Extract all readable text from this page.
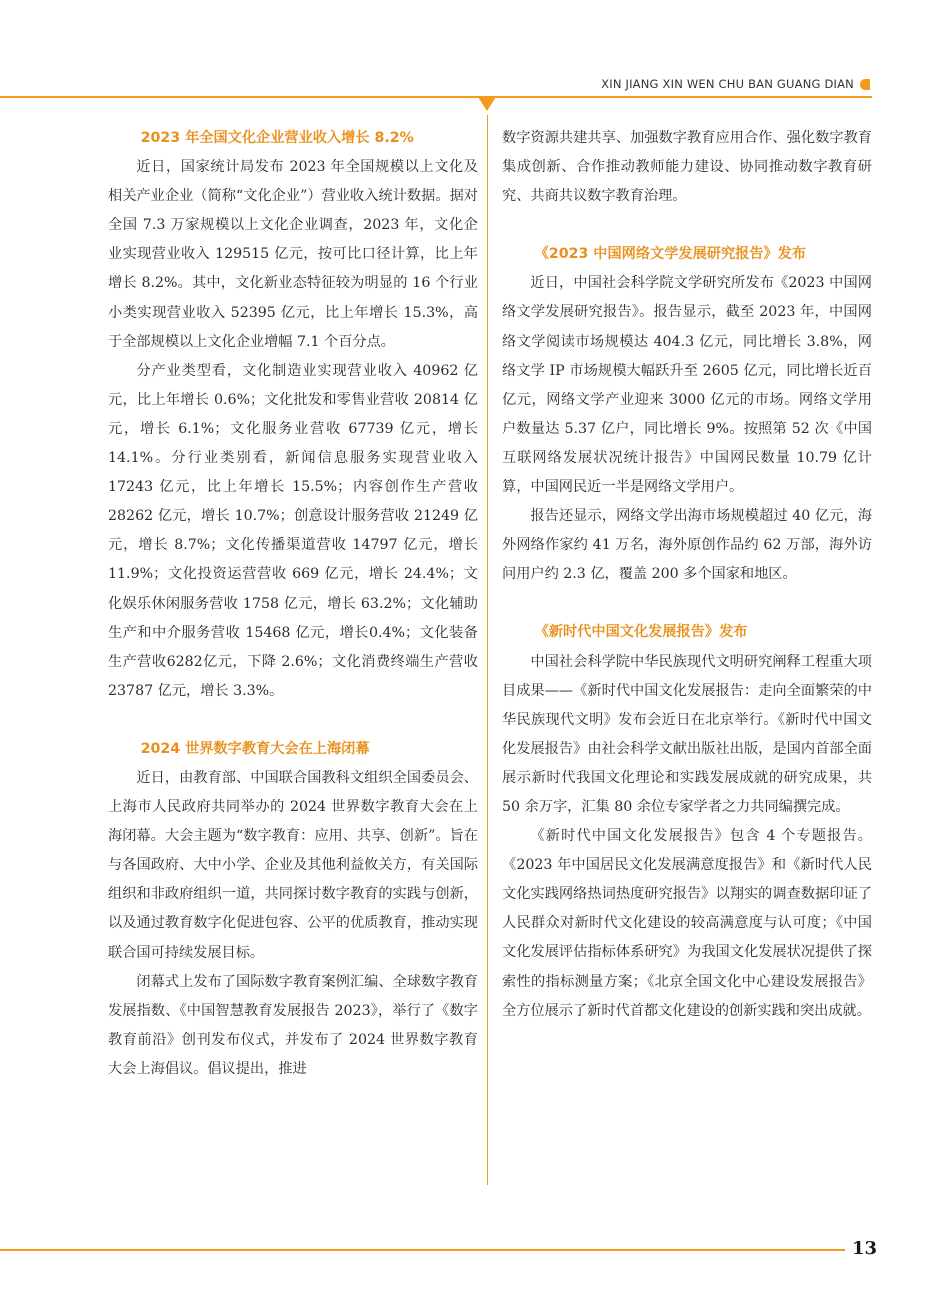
XIN JIANG XIN WEN CHU BAN GUANG DIAN
2023 年全国文化企业营业收入增长 8.2%

近日，国家统计局发布 2023 年全国规模以上文化及相关产业企业（简称“文化企业”）营业收入统计数据。据对全国 7.3 万家规模以上文化企业调查，2023 年，文化企业实现营业收入 129515 亿元，按可比口径计算，比上年增长 8.2%。其中，文化新业态特征较为明显的 16 个行业小类实现营业收入 52395 亿元，比上年增长 15.3%，高于全部规模以上文化企业增幅 7.1 个百分点。

分产业类型看，文化制造业实现营业收入 40962 亿元，比上年增长 0.6%；文化批发和零售业营收 20814 亿元，增长 6.1%；文化服务业营收 67739 亿元，增长 14.1%。分行业类别看，新闻信息服务实现营业收入 17243 亿元，比上年增长 15.5%；内容创作生产营收 28262 亿元，增长 10.7%；创意设计服务营收 21249 亿元，增长 8.7%；文化传播渠道营收 14797 亿元，增长 11.9%；文化投资运营营收 669 亿元，增长 24.4%；文化娱乐休闲服务营收 1758 亿元，增长 63.2%；文化辅助生产和中介服务营收 15468 亿元，增长0.4%；文化装备生产营收6282亿元，下降 2.6%；文化消费终端生产营收 23787 亿元，增长 3.3%。

2024 世界数字教育大会在上海闭幕

近日，由教育部、中国联合国教科文组织全国委员会、上海市人民政府共同举办的 2024 世界数字教育大会在上海闭幕。大会主题为“数字教育：应用、共享、创新”。旨在与各国政府、大中小学、企业及其他利益攸关方，有关国际组织和非政府组织一道，共同探讨数字教育的实践与创新，以及通过教育数字化促进包容、公平的优质教育，推动实现联合国可持续发展目标。

闭幕式上发布了国际数字教育案例汇编、全球数字教育发展指数、《中国智慧教育发展报告 2023》，举行了《数字教育前沿》创刊发布仪式，并发布了 2024 世界数字教育大会上海倡议。倡议提出，推进

数字资源共建共享、加强数字教育应用合作、强化数字教育集成创新、合作推动教师能力建设、协同推动数字教育研究、共商共议数字教育治理。

《2023 中国网络文学发展研究报告》发布

近日，中国社会科学院文学研究所发布《2023 中国网络文学发展研究报告》。报告显示，截至 2023 年，中国网络文学阅读市场规模达 404.3 亿元，同比增长 3.8%，网络文学 IP 市场规模大幅跃升至 2605 亿元，同比增长近百亿元，网络文学产业迎来 3000 亿元的市场。网络文学用户数量达 5.37 亿户，同比增长 9%。按照第 52 次《中国互联网络发展状况统计报告》中国网民数量 10.79 亿计算，中国网民近一半是网络文学用户。

报告还显示，网络文学出海市场规模超过 40 亿元，海外网络作家约 41 万名，海外原创作品约 62 万部，海外访问用户约 2.3 亿，覆盖 200 多个国家和地区。

《新时代中国文化发展报告》发布

中国社会科学院中华民族现代文明研究阐释工程重大项目成果——《新时代中国文化发展报告：走向全面繁荣的中华民族现代文明》发布会近日在北京举行。《新时代中国文化发展报告》由社会科学文献出版社出版，是国内首部全面展示新时代我国文化理论和实践发展成就的研究成果，共 50 余万字，汇集 80 余位专家学者之力共同编撰完成。

《新时代中国文化发展报告》包含 4 个专题报告。《2023 年中国居民文化发展满意度报告》和《新时代人民文化实践网络热词热度研究报告》以翔实的调查数据印证了人民群众对新时代文化建设的较高满意度与认可度；《中国文化发展评估指标体系研究》为我国文化发展状况提供了探索性的指标测量方案；《北京全国文化中心建设发展报告》全方位展示了新时代首都文化建设的创新实践和突出成就。

13
